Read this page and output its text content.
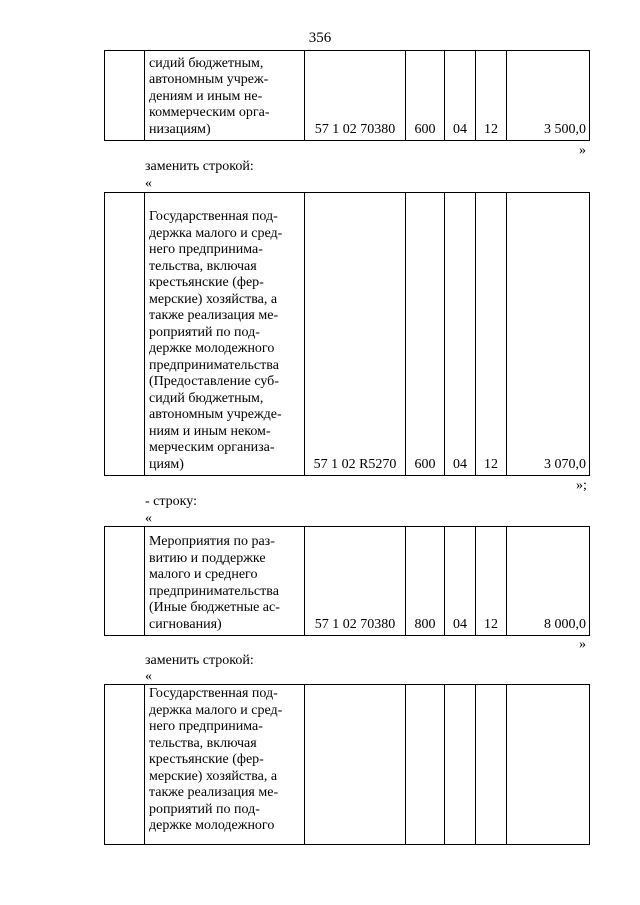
356
	сидий бюджетным,
автономным учреж-
дениям и иным не-
коммерческим орга-
низациям)	57 1 02 70380	600	04	12	3 500,0
»
заменить строкой:
«
	Государственная под-
держка малого и сред-
него предпринима-
тельства, включая
крестьянские (фер-
мерские) хозяйства, а
также реализация ме-
роприятий по под-
держке молодежного
предпринимательства
(Предоставление суб-
сидий бюджетным,
автономным учрежде-
ниям и иным неком-
мерческим организа-
циям)	57 1 02 R5270	600	04	12	3 070,0
»;
- строку:
«
	Мероприятия по раз-
витию и поддержке
малого и среднего
предпринимательства
(Иные бюджетные ас-
сигнования)	57 1 02 70380	800	04	12	8 000,0
»
заменить строкой:
«
	Государственная под-
держка малого и сред-
него предпринима-
тельства, включая
крестьянские (фер-
мерские) хозяйства, а
также реализация ме-
роприятий по под-
держке молодежного					
